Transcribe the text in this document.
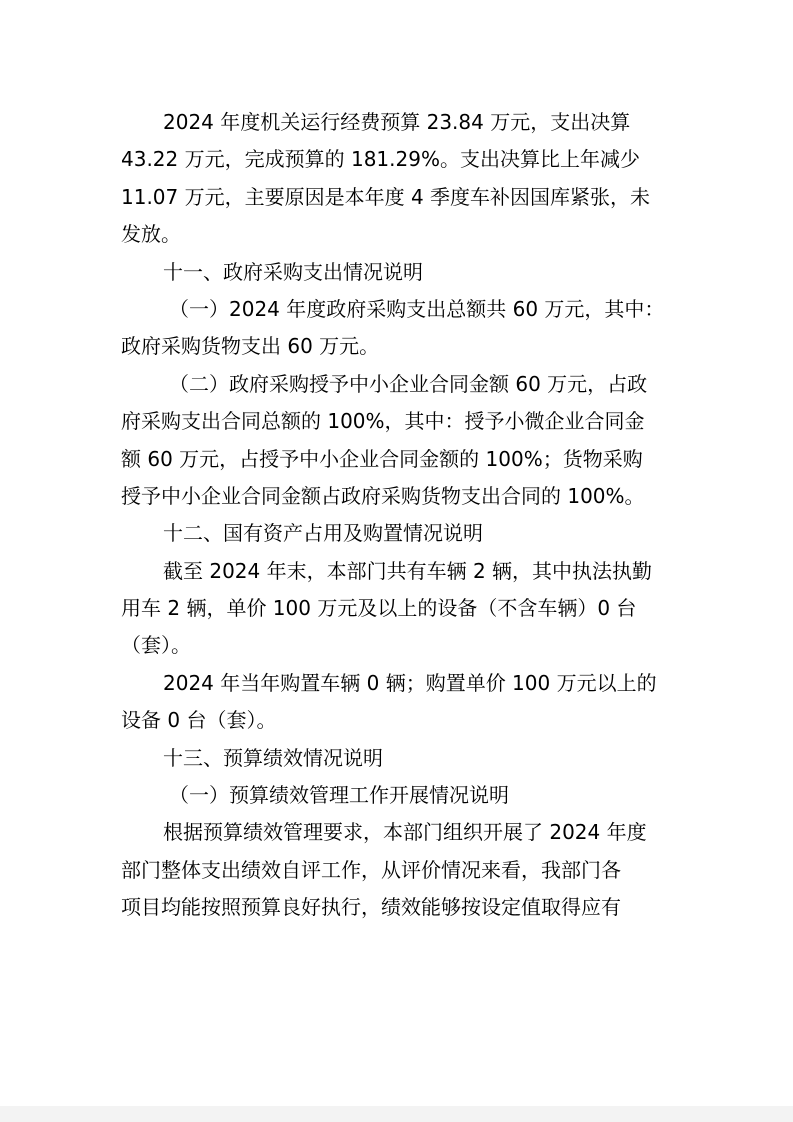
2024 年度机关运行经费预算 23.84 万元，支出决算
43.22 万元，完成预算的 181.29%。支出决算比上年减少
11.07 万元，主要原因是本年度 4 季度车补因国库紧张，未
发放。
十一、政府采购支出情况说明
（一）2024 年度政府采购支出总额共 60 万元，其中：
政府采购货物支出 60 万元。
（二）政府采购授予中小企业合同金额 60 万元，占政
府采购支出合同总额的 100%，其中：授予小微企业合同金
额 60 万元，占授予中小企业合同金额的 100%；货物采购
授予中小企业合同金额占政府采购货物支出合同的 100%。
十二、国有资产占用及购置情况说明
截至 2024 年末，本部门共有车辆 2 辆，其中执法执勤
用车 2 辆，单价 100 万元及以上的设备（不含车辆）0 台
（套）。
2024 年当年购置车辆 0 辆；购置单价 100 万元以上的
设备 0 台（套）。
十三、预算绩效情况说明
（一）预算绩效管理工作开展情况说明
根据预算绩效管理要求，本部门组织开展了 2024 年度
部门整体支出绩效自评工作，从评价情况来看，我部门各
项目均能按照预算良好执行，绩效能够按设定值取得应有
